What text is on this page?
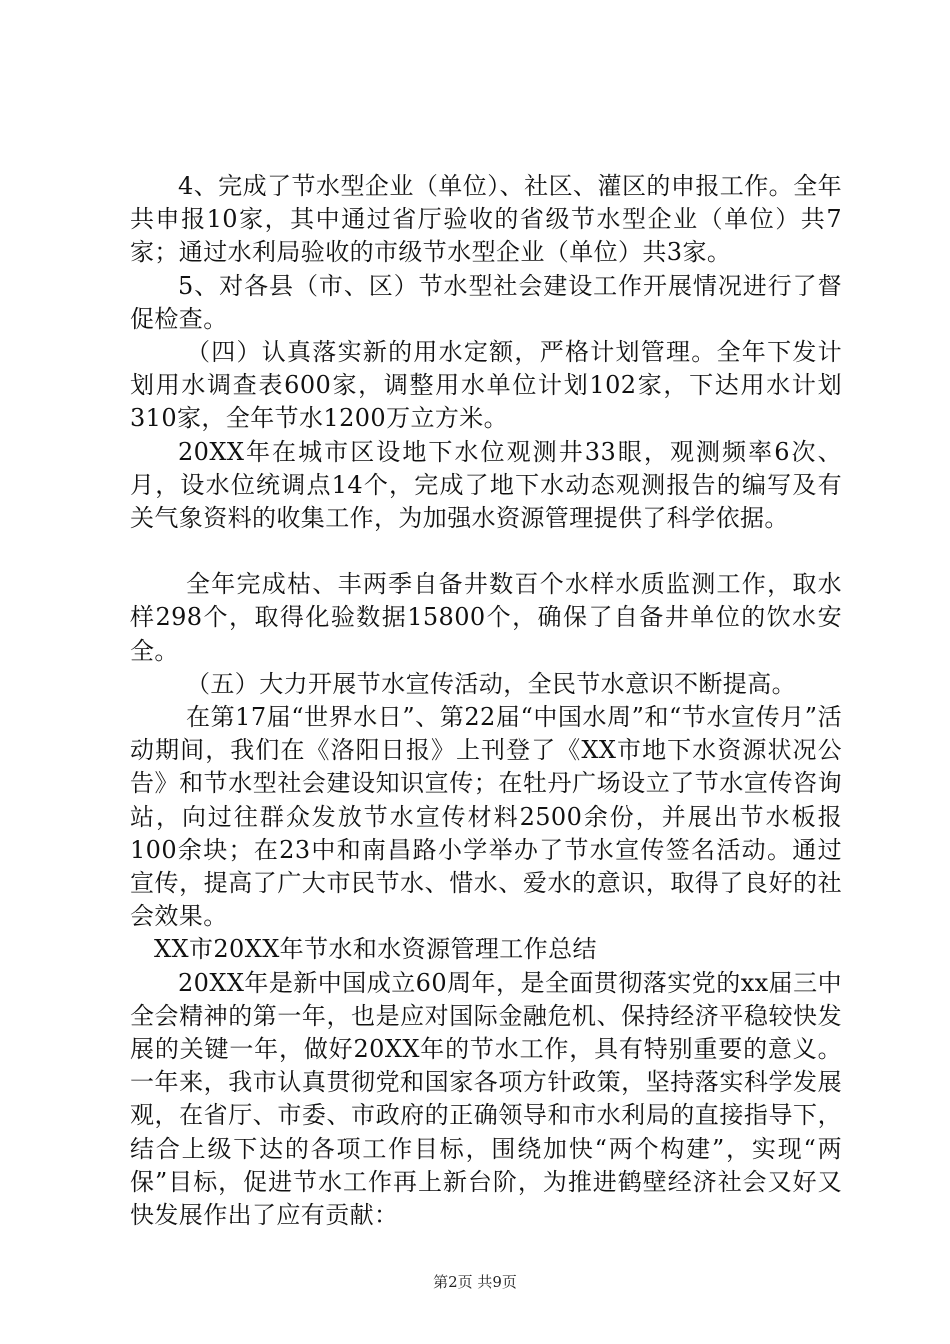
4、完成了节水型企业（单位）、社区、灌区的申报工作。全年共申报10家，其中通过省厅验收的省级节水型企业（单位）共7家；通过水利局验收的市级节水型企业（单位）共3家。

5、对各县（市、区）节水型社会建设工作开展情况进行了督促检查。

（四）认真落实新的用水定额，严格计划管理。全年下发计划用水调查表600家，调整用水单位计划102家，下达用水计划310家，全年节水1200万立方米。

20XX年在城市区设地下水位观测井33眼，观测频率6次、月，设水位统调点14个，完成了地下水动态观测报告的编写及有关气象资料的收集工作，为加强水资源管理提供了科学依据。

全年完成枯、丰两季自备井数百个水样水质监测工作，取水样298个，取得化验数据15800个，确保了自备井单位的饮水安全。

（五）大力开展节水宣传活动，全民节水意识不断提高。

在第17届“世界水日”、第22届“中国水周”和“节水宣传月”活动期间，我们在《洛阳日报》上刊登了《XX市地下水资源状况公告》和节水型社会建设知识宣传；在牡丹广场设立了节水宣传咨询站，向过往群众发放节水宣传材料2500余份，并展出节水板报100余块；在23中和南昌路小学举办了节水宣传签名活动。通过宣传，提高了广大市民节水、惜水、爱水的意识，取得了良好的社会效果。

XX市20XX年节水和水资源管理工作总结

20XX年是新中国成立60周年，是全面贯彻落实党的xx届三中全会精神的第一年，也是应对国际金融危机、保持经济平稳较快发展的关键一年，做好20XX年的节水工作，具有特别重要的意义。一年来，我市认真贯彻党和国家各项方针政策，坚持落实科学发展观，在省厅、市委、市政府的正确领导和市水利局的直接指导下，结合上级下达的各项工作目标，围绕加快“两个构建”，实现“两保”目标，促进节水工作再上新台阶，为推进鹤壁经济社会又好又快发展作出了应有贡献：

第2页 共9页
